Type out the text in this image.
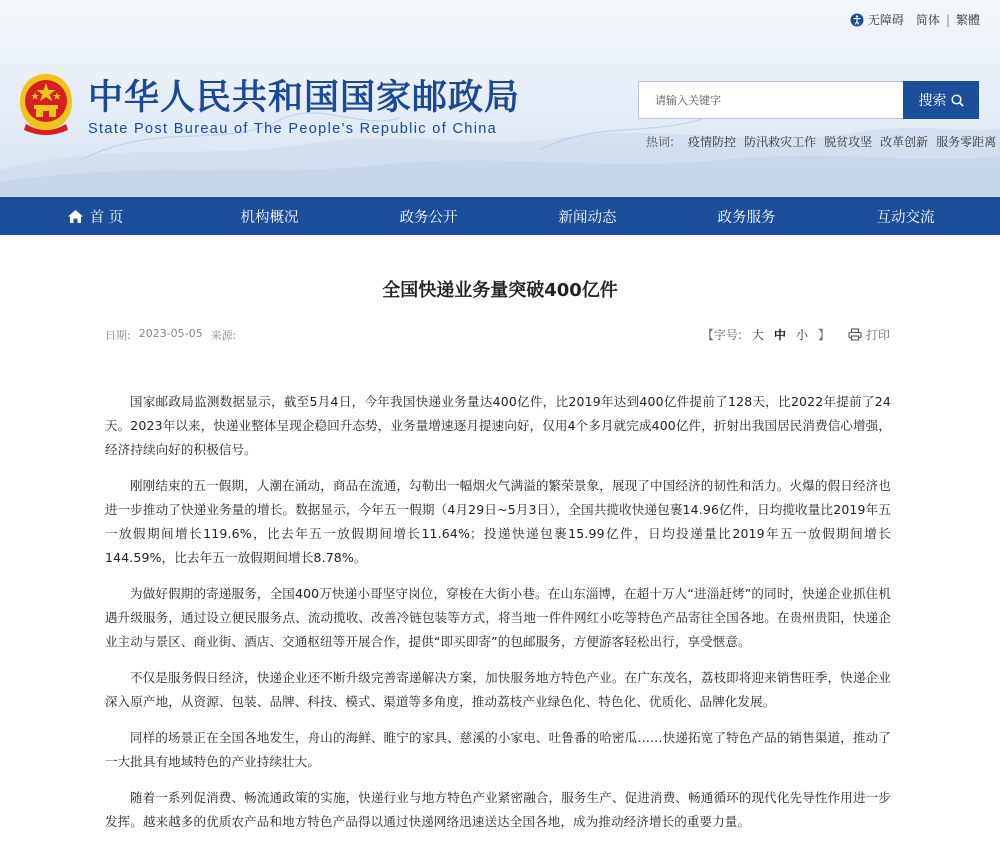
无障碍 简体 | 繁體
中华人民共和国国家邮政局
State Post Bureau of The People's Republic of China
请输入关键字
搜索
热词: 疫情防控 防汛救灾工作 脱贫攻坚 改革创新 服务零距离
首 页	机构概况	政务公开	新闻动态	政务服务	互动交流
全国快递业务量突破400亿件
日期: 2023-05-05 来源:	【字号: 大 中 小 】	打印

国家邮政局监测数据显示，截至5月4日，今年我国快递业务量达400亿件，比2019年达到400亿件提前了128天，比2022年提前了24天。2023年以来，快递业整体呈现企稳回升态势，业务量增速逐月提速向好，仅用4个多月就完成400亿件，折射出我国居民消费信心增强，经济持续向好的积极信号。

刚刚结束的五一假期，人潮在涌动，商品在流通，勾勒出一幅烟火气满溢的繁荣景象，展现了中国经济的韧性和活力。火爆的假日经济也进一步推动了快递业务量的增长。数据显示，今年五一假期（4月29日~5月3日），全国共揽收快递包裹14.96亿件，日均揽收量比2019年五一放假期间增长119.6%，比去年五一放假期间增长11.64%；投递快递包裹15.99亿件，日均投递量比2019年五一放假期间增长144.59%，比去年五一放假期间增长8.78%。

为做好假期的寄递服务，全国400万快递小哥坚守岗位，穿梭在大街小巷。在山东淄博，在超十万人“进淄赶烤”的同时，快递企业抓住机遇升级服务，通过设立便民服务点、流动揽收、改善冷链包装等方式，将当地一件件网红小吃等特色产品寄往全国各地。在贵州贵阳，快递企业主动与景区、商业街、酒店、交通枢纽等开展合作，提供“即买即寄”的包邮服务，方便游客轻松出行，享受惬意。

不仅是服务假日经济，快递企业还不断升级完善寄递解决方案，加快服务地方特色产业。在广东茂名，荔枝即将迎来销售旺季，快递企业深入原产地，从资源、包装、品牌、科技、模式、渠道等多角度，推动荔枝产业绿色化、特色化、优质化、品牌化发展。

同样的场景正在全国各地发生，舟山的海鲜、睢宁的家具、慈溪的小家电、吐鲁番的哈密瓜……快递拓宽了特色产品的销售渠道，推动了一大批具有地域特色的产业持续壮大。

随着一系列促消费、畅流通政策的实施，快递行业与地方特色产业紧密融合，服务生产、促进消费、畅通循环的现代化先导性作用进一步发挥。越来越多的优质农产品和地方特色产品得以通过快递网络迅速送达全国各地，成为推动经济增长的重要力量。
